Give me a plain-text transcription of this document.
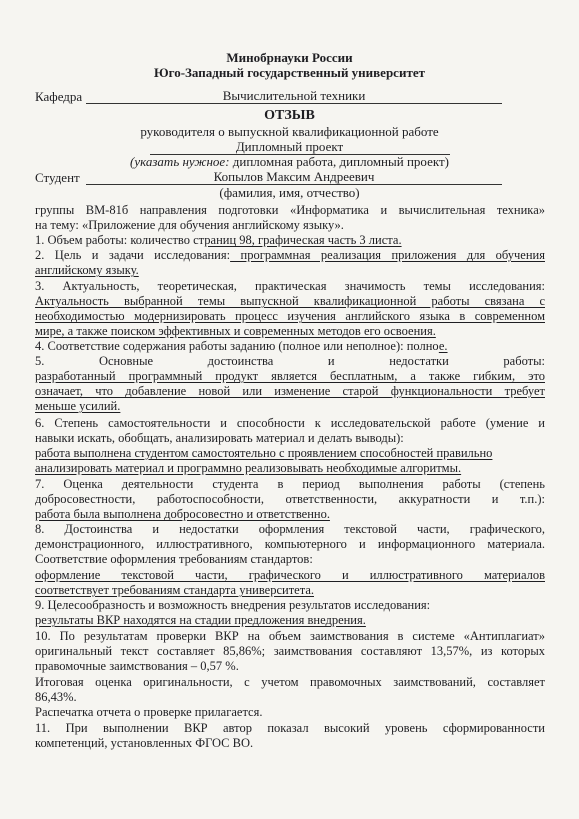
Минобрнауки России
Юго-Западный государственный университет
Кафедра	Вычислительной техники
ОТЗЫВ
руководителя о выпускной квалификационной работе
Дипломный проект
(указать нужное: дипломная работа, дипломный проект)
Студент	Копылов Максим Андреевич
(фамилия, имя, отчество)
группы ВМ-81б направления подготовки «Информатика и вычислительная техника»
на тему: «Приложение для обучения английскому языку».
1. Объем работы: количество страниц 98, графическая часть 3 листа.
2. Цель и задачи исследования: программная реализация приложения для обучения
английскому языку.
3. Актуальность, теоретическая, практическая значимость темы исследования:
Актуальность выбранной темы выпускной квалификационной работы связана с
необходимостью модернизировать процесс изучения английского языка в современном
мире, а также поиском эффективных и современных методов его освоения.
4. Соответствие содержания работы заданию (полное или неполное): полное.
5. Основные достоинства и недостатки работы:
разработанный программный продукт является бесплатным, а также гибким, это
означает, что добавление новой или изменение старой функциональности требует
меньше усилий.
6. Степень самостоятельности и способности к исследовательской работе (умение и
навыки искать, обобщать, анализировать материал и делать выводы):
работа выполнена студентом самостоятельно с проявлением способностей правильно
анализировать материал и программно реализовывать необходимые алгоритмы.
7. Оценка деятельности студента в период выполнения работы (степень
добросовестности, работоспособности, ответственности, аккуратности и т.п.):
работа была выполнена добросовестно и ответственно.
8. Достоинства и недостатки оформления текстовой части, графического,
демонстрационного, иллюстративного, компьютерного и информационного материала.
Соответствие оформления требованиям стандартов:
оформление текстовой части, графического и иллюстративного материалов
соответствует требованиям стандарта университета.
9. Целесообразность и возможность внедрения результатов исследования:
результаты ВКР находятся на стадии предложения внедрения.
10. По результатам проверки ВКР на объем заимствования в системе «Антиплагиат»
оригинальный текст составляет 85,86%; заимствования составляют 13,57%, из которых
правомочные заимствования – 0,57 %.
Итоговая оценка оригинальности, с учетом правомочных заимствований, составляет
86,43%.
Распечатка отчета о проверке прилагается.
11. При выполнении ВКР автор показал высокий уровень сформированности
компетенций, установленных ФГОС ВО.
